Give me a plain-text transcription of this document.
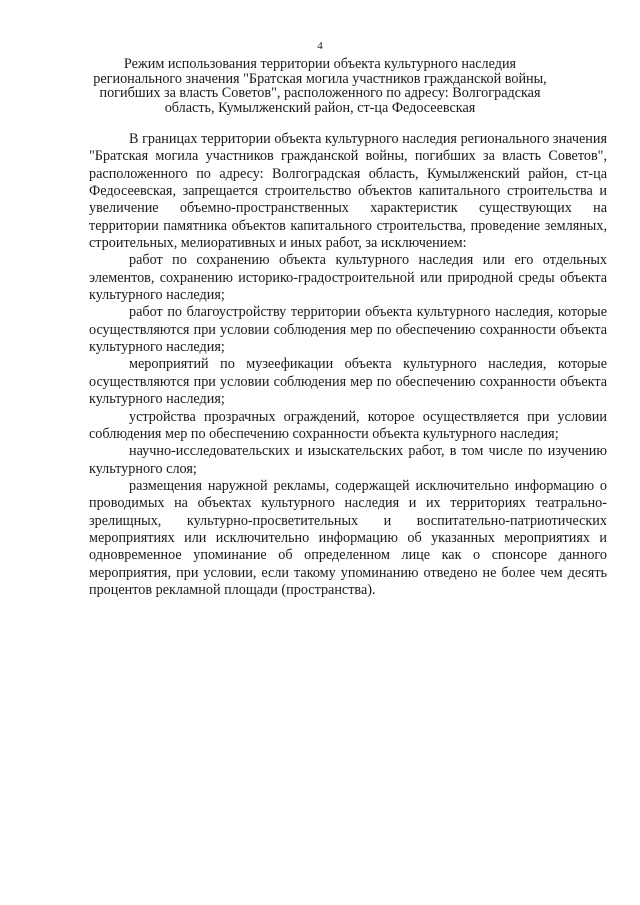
4
Режим использования территории объекта культурного наследия
регионального значения "Братская могила участников гражданской войны,
погибших за власть Советов", расположенного по адресу: Волгоградская
область, Кумылженский район, ст-ца Федосеевская

В границах территории объекта культурного наследия регионального значения "Братская могила участников гражданской войны, погибших за власть Советов", расположенного по адресу: Волгоградская область, Кумылженский район, ст-ца Федосеевская, запрещается строительство объектов капитального строительства и увеличение объемно-пространственных характеристик существующих на территории памятника объектов капитального строительства, проведение земляных, строительных, мелиоративных и иных работ, за исключением:

работ по сохранению объекта культурного наследия или его отдельных элементов, сохранению историко-градостроительной или природной среды объекта культурного наследия;

работ по благоустройству территории объекта культурного наследия, которые осуществляются при условии соблюдения мер по обеспечению сохранности объекта культурного наследия;

мероприятий по музеефикации объекта культурного наследия, которые осуществляются при условии соблюдения мер по обеспечению сохранности объекта культурного наследия;

устройства прозрачных ограждений, которое осуществляется при условии соблюдения мер по обеспечению сохранности объекта культурного наследия;

научно-исследовательских и изыскательских работ, в том числе по изучению культурного слоя;

размещения наружной рекламы, содержащей исключительно информацию о проводимых на объектах культурного наследия и их территориях театрально-зрелищных, культурно-просветительных и воспитательно-патриотических мероприятиях или исключительно информацию об указанных мероприятиях и одновременное упоминание об определенном лице как о спонсоре данного мероприятия, при условии, если такому упоминанию отведено не более чем десять процентов рекламной площади (пространства).
